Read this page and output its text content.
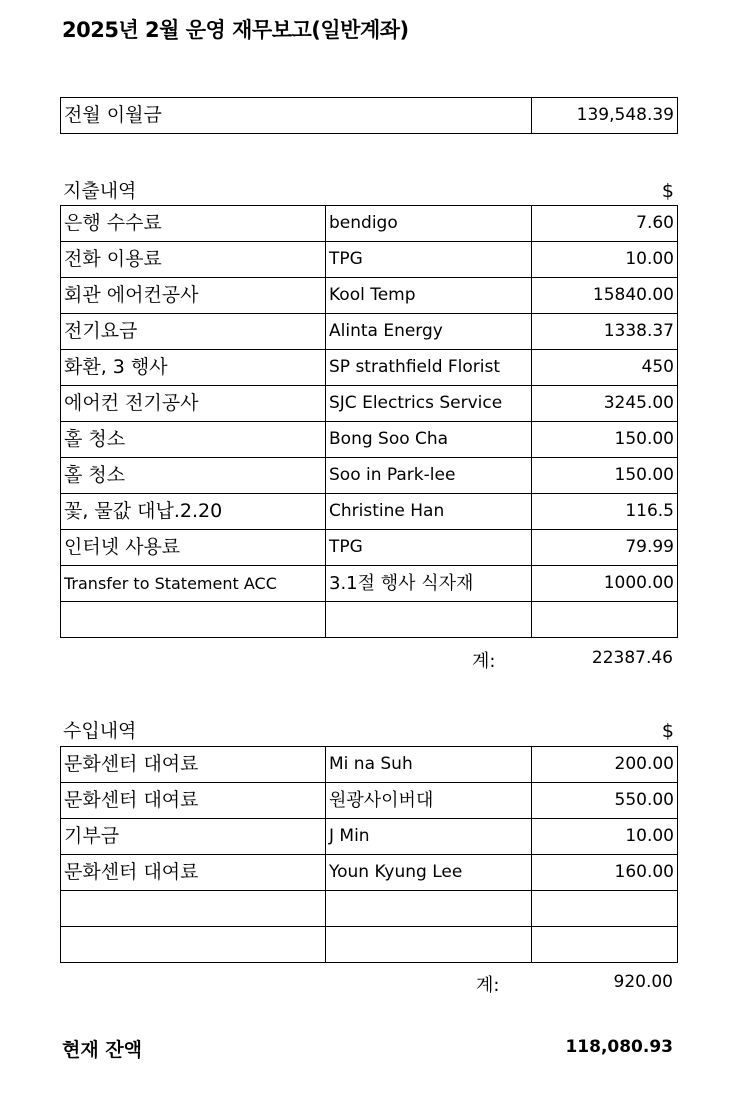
2025년 2월 운영 재무보고(일반계좌)
전월 이월금	139,548.39
지출내역	$
은행 수수료	bendigo	7.60
전화 이용료	TPG	10.00
회관 에어컨공사	Kool Temp	15840.00
전기요금	Alinta Energy	1338.37
화환, 3 행사	SP strathfield Florist	450
에어컨 전기공사	SJC Electrics Service	3245.00
홀 청소	Bong Soo Cha	150.00
홀 청소	Soo in Park-lee	150.00
꽃, 물값 대납.2.20	Christine Han	116.5
인터넷 사용료	TPG	79.99
Transfer to Statement ACC	3.1절 행사 식자재	1000.00

계:	22387.46
수입내역	$
문화센터 대여료	Mi na Suh	200.00
문화센터 대여료	원광사이버대	550.00
기부금	J Min	10.00
문화센터 대여료	Youn Kyung Lee	160.00

계:	920.00
현재 잔액	118,080.93
